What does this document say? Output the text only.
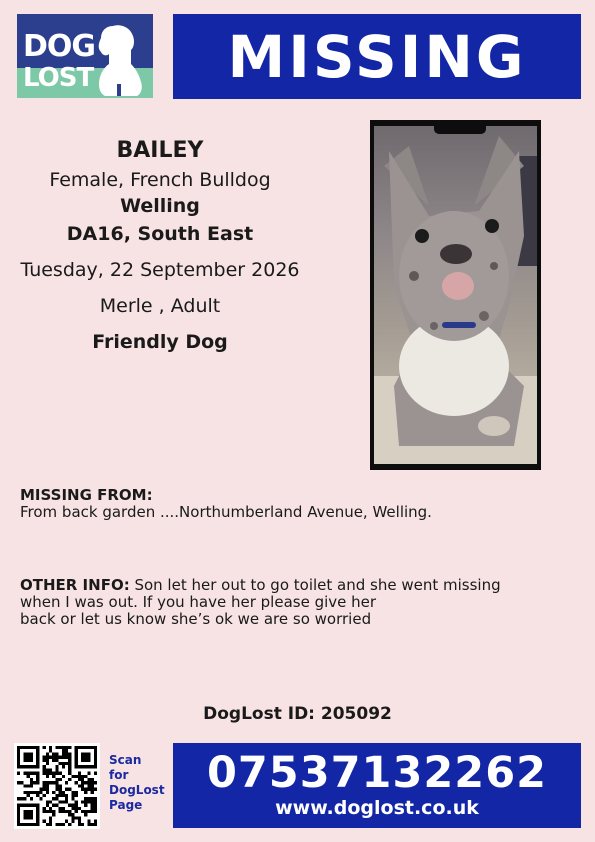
DOG
LOST	MISSING
BAILEY
Female, French Bulldog
Welling
DA16, South East
Tuesday, 22 September 2026
Merle , Adult
Friendly Dog
MISSING FROM:
From back garden ....Northumberland Avenue, Welling.
OTHER INFO: Son let her out to go toilet and she went missing
when I was out. If you have her please give her
back or let us know she’s ok we are so worried
DogLost ID: 205092
Scan
for
DogLost
Page
07537132262
www.doglost.co.uk
